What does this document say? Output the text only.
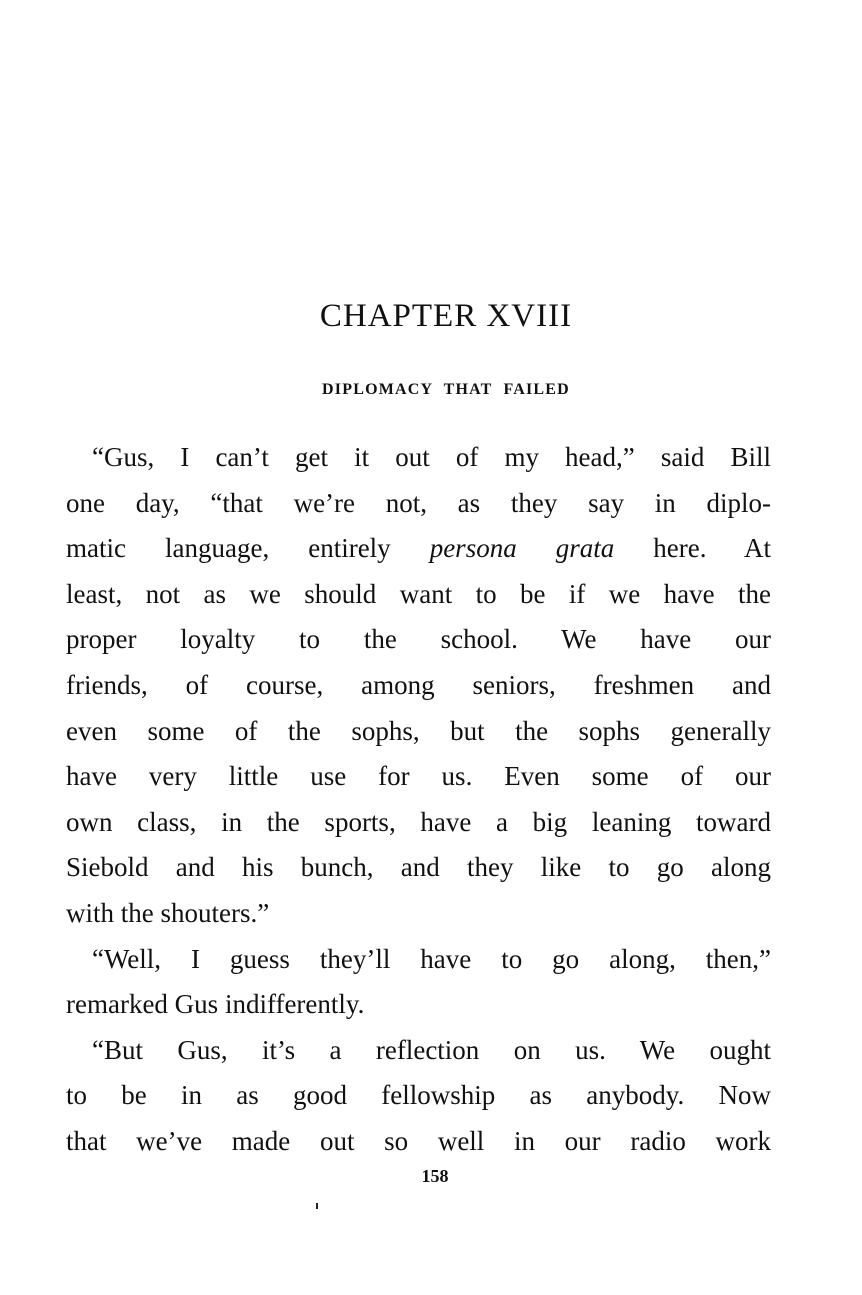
CHAPTER XVIII
DIPLOMACY THAT FAILED
“Gus, I can’t get it out of my head,” said Bill
one day, “that we’re not, as they say in diplo-
matic language, entirely persona grata here. At
least, not as we should want to be if we have the
proper loyalty to the school. We have our
friends, of course, among seniors, freshmen and
even some of the sophs, but the sophs generally
have very little use for us. Even some of our
own class, in the sports, have a big leaning toward
Siebold and his bunch, and they like to go along
with the shouters.”
“Well, I guess they’ll have to go along, then,”
remarked Gus indifferently.
“But Gus, it’s a reflection on us. We ought
to be in as good fellowship as anybody. Now
that we’ve made out so well in our radio work
158
